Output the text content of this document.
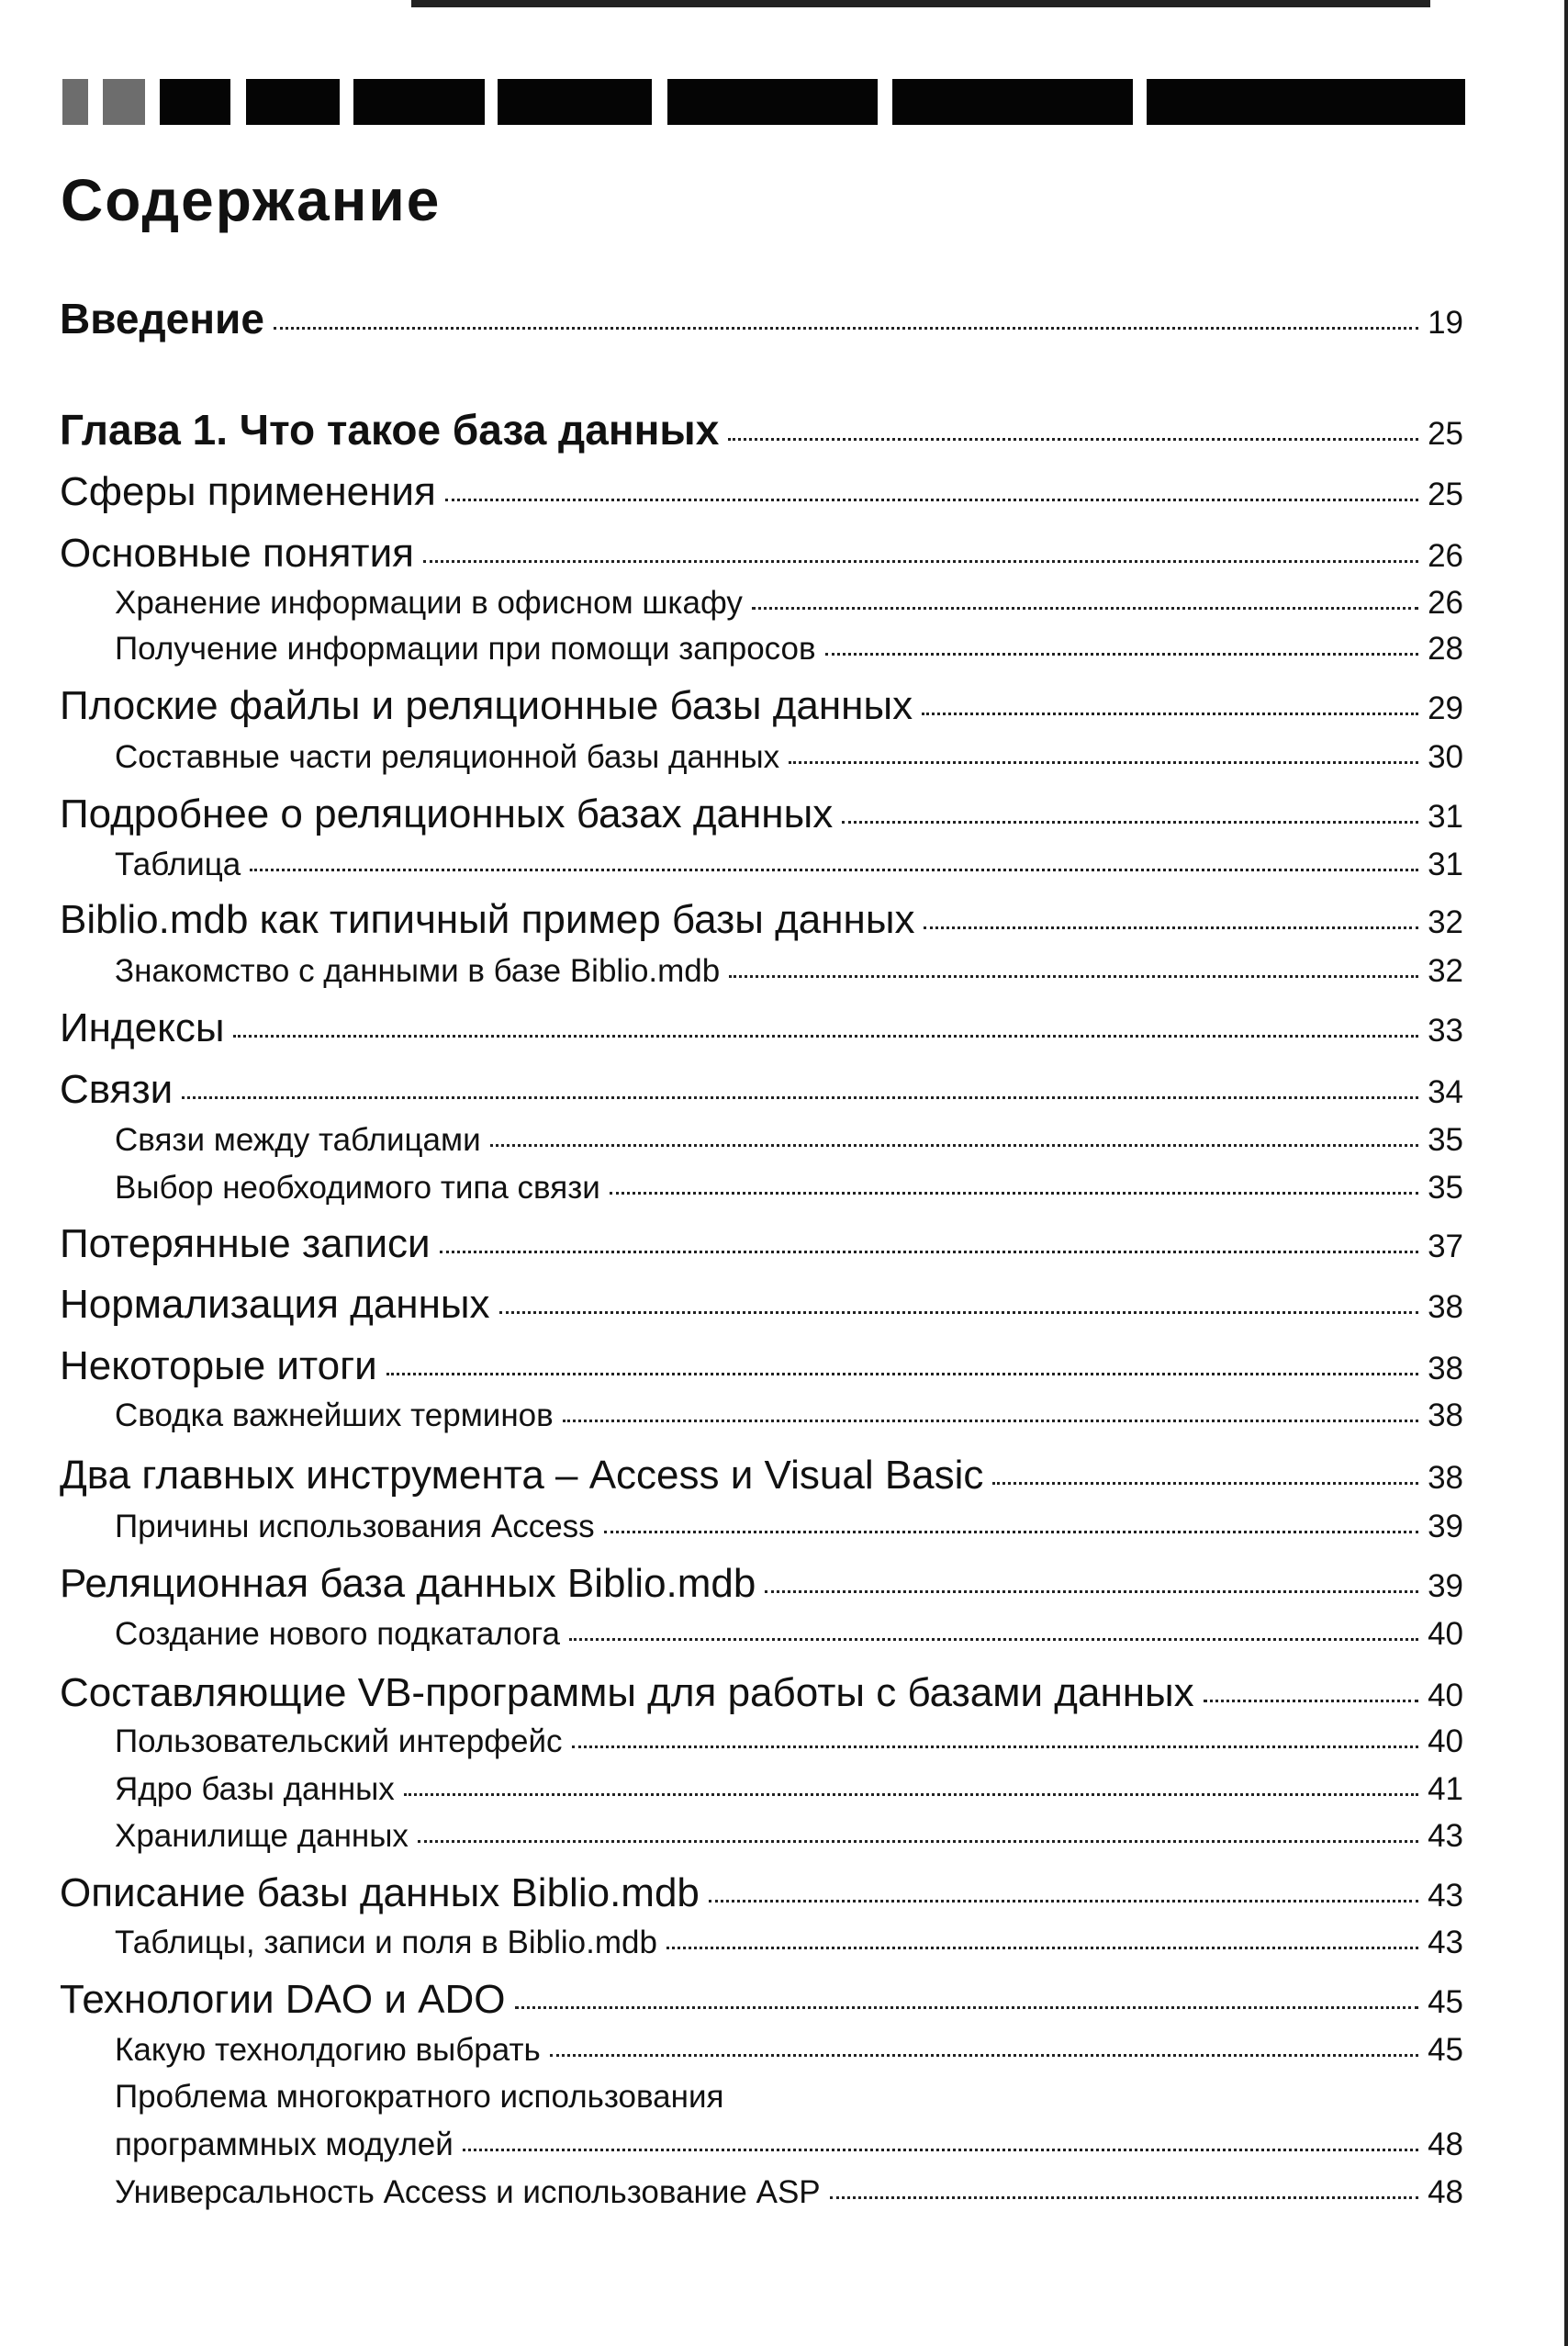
Содержание
Введение	19
Глава 1. Что такое база данных	25
Сферы применения	25
Основные понятия	26
Хранение информации в офисном шкафу	26
Получение информации при помощи запросов	28
Плоские файлы и реляционные базы данных	29
Составные части реляционной базы данных	30
Подробнее о реляционных базах данных	31
Таблица	31
Biblio.mdb как типичный пример базы данных	32
Знакомство с данными в базе Biblio.mdb	32
Индексы	33
Связи	34
Связи между таблицами	35
Выбор необходимого типа связи	35
Потерянные записи	37
Нормализация данных	38
Некоторые итоги	38
Сводка важнейших терминов	38
Два главных инструмента – Access и Visual Basic	38
Причины использования Access	39
Реляционная база данных Biblio.mdb	39
Создание нового подкаталога	40
Составляющие VB-программы для работы с базами данных	40
Пользовательский интерфейс	40
Ядро базы данных	41
Хранилище данных	43
Описание базы данных Biblio.mdb	43
Таблицы, записи и поля в Biblio.mdb	43
Технологии DAO и ADO	45
Какую технолдогию выбрать	45
Проблема многократного использования
программных модулей	48
Универсальность Access и использование ASP	48
